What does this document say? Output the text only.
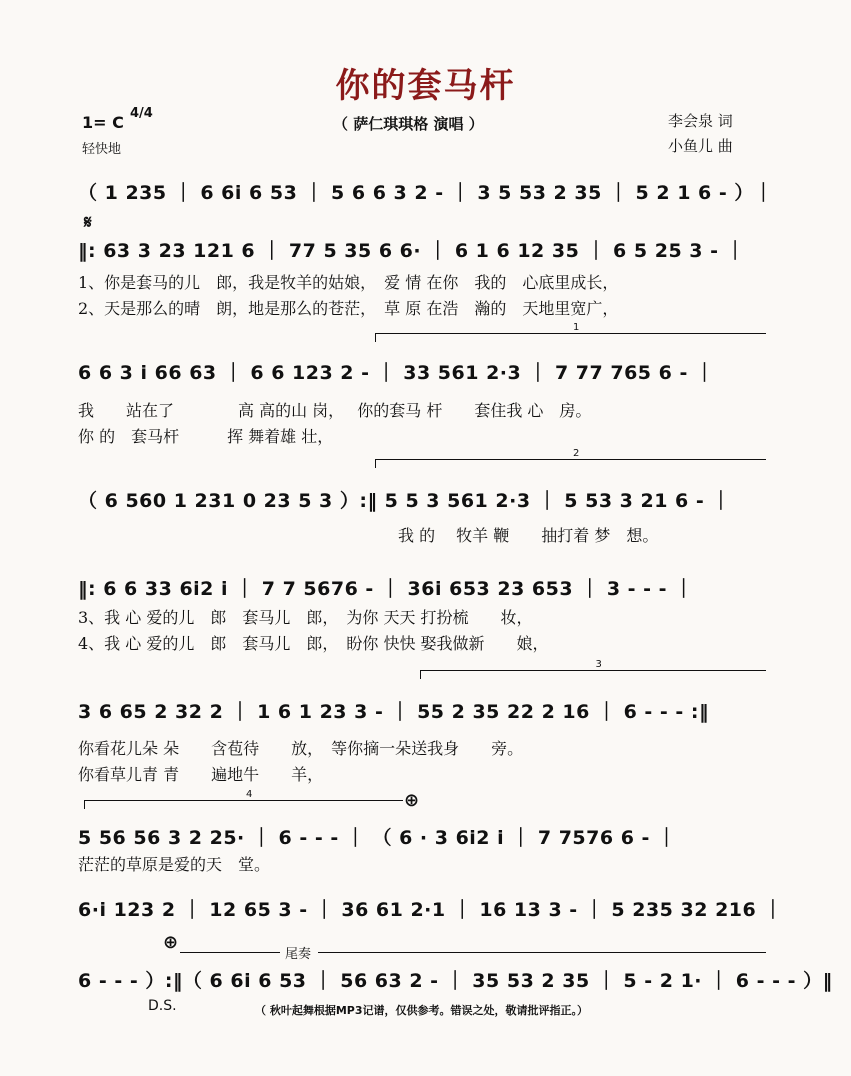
你的套马杆
1= C 4/4
轻快地
（ 萨仁琪琪格 演唱 ）	李会泉 词
小鱼儿 曲
（ 1 235 ｜ 6 6i 6 53 ｜ 5 6 6 3 2 - ｜ 3 5 53 2 35 ｜ 5 2 1 6 - ）｜
𝄋
‖: 63 3 23 121 6 ｜ 77 5 35 6 6· ｜ 6 1 6 12 35 ｜ 6 5 25 3 - ｜
1、你是套马的儿　郎，我是牧羊的姑娘，　爱 情 在你　我的　心底里成长，
2、天是那么的晴　朗，地是那么的苍茫，　草 原 在浩　瀚的　天地里宽广，
1
6 6 3 i 66 63 ｜ 6 6 123 2 - ｜ 33 561 2·3 ｜ 7 77 765 6 - ｜
我　　站在了　　　　高 高的山 岗，　 你的套马 杆　　套住我 心　房。
你 的　套马杆　　　挥 舞着雄 壮，
2
（ 6 560 1 231 0 23 5 3 ）:‖ 5 5 3 561 2·3 ｜ 5 53 3 21 6 - ｜
我 的　 牧羊 鞭　　抽打着 梦　想。
‖: 6 6 33 6i2 i ｜ 7 7 5676 - ｜ 36i 653 23 653 ｜ 3 - - - ｜
3、我 心 爱的儿　郎　套马儿　郎，　为你 天天 打扮梳　　妆，
4、我 心 爱的儿　郎　套马儿　郎，　盼你 快快 娶我做新　　娘，
3
3 6 65 2 32 2 ｜ 1 6 1 23 3 - ｜ 55 2 35 22 2 16 ｜ 6 - - - :‖
你看花儿朵 朵　　含苞待　　放，　等你摘一朵送我身　　旁。
你看草儿青 青　　遍地牛　　羊，
4	⊕
5 56 56 3 2 25· ｜ 6 - - - ｜ （ 6 · 3 6i2 i ｜ 7 7576 6 - ｜
茫茫的草原是爱的天　堂。
6·i 123 2 ｜ 12 65 3 - ｜ 36 61 2·1 ｜ 16 13 3 - ｜ 5 235 32 216 ｜
⊕
尾奏
6 - - - ）:‖（ 6 6i 6 53 ｜ 56 63 2 - ｜ 35 53 2 35 ｜ 5 - 2 1· ｜ 6 - - - ）‖
D.S.	（ 秋叶起舞根据MP3记谱，仅供参考。错误之处，敬请批评指正。）
